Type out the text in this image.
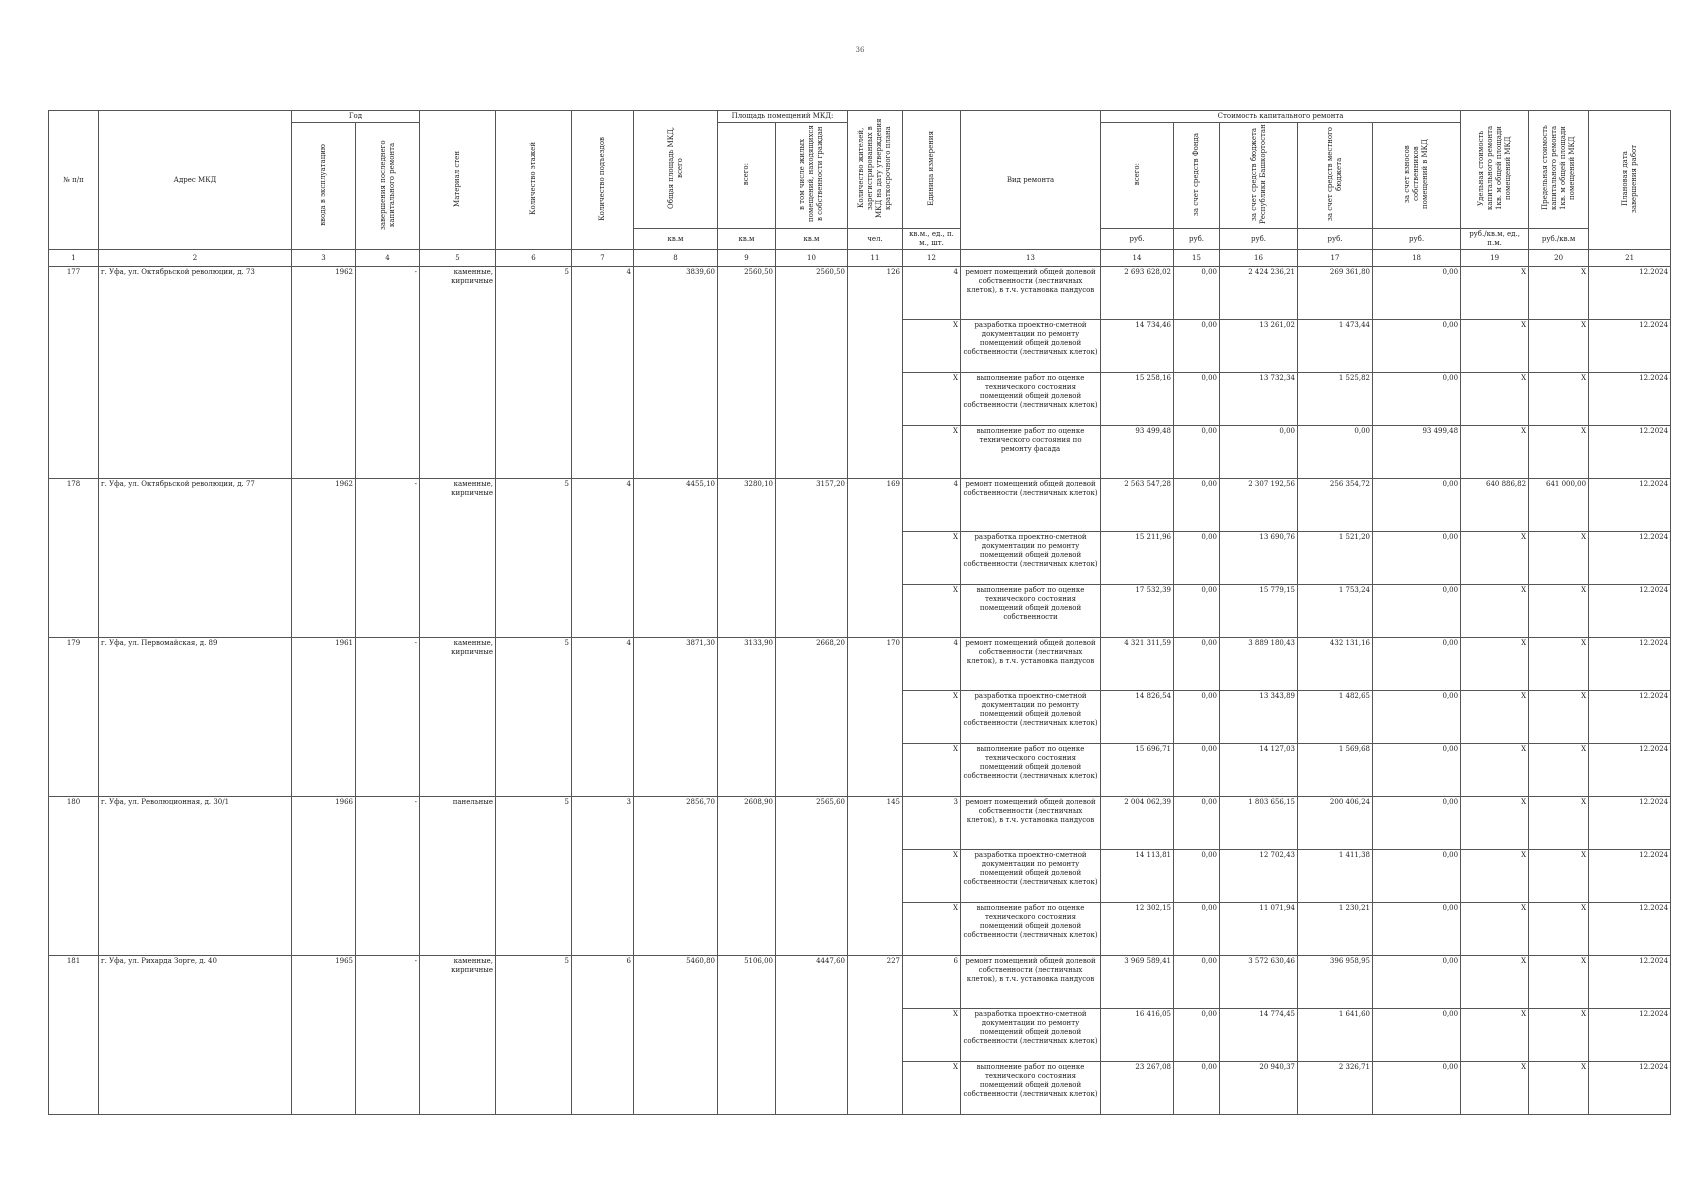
36
№ п/п	Адрес МКД	Год		Материал стен	Количество этажей	Количество подъездов	Общая площадь МКД, всего	Площадь помещений МКД:		Количество жителей, зарегистрированных в МКД на дату утверждения краткосрочного плана	Единица измерения	Вид ремонта	Стоимость капитального ремонта					Удельная стоимость капитального ремонта 1кв. м общей площади помещений МКД	Предельная стоимость капитального ремонта 1кв. м общей площади помещений МКД	Плановая дата завершения работ
		ввода в эксплуатацию	завершения последнего капитального ремонта					всего:	в том числе жилых помещений, находящихся в собственности граждан				всего:	за счет средств Фонда	за счет средств бюджета Республики Башкортостан	за счет средств местного бюджета	за счет взносов собственников помещений в МКД			
							кв.м	кв.м	кв.м	чел.	кв.м., ед., п. м., шт.		руб.	руб.	руб.	руб.	руб.	руб./кв.м, ед., п.м.	руб./кв.м	
1	2	3	4	5	6	7	8	9	10	11	12	13	14	15	16	17	18	19	20	21
177	г. Уфа, ул. Октябрьской революции, д. 73	1962	-	каменные, кирпичные	5	4	3839,60	2560,50	2560,50	126	4	ремонт помещений общей долевой собственности (лестничных клеток), в т.ч. установка пандусов	2 693 628,02	0,00	2 424 236,21	269 361,80	0,00	X	X	12.2024
											X	разработка проектно-сметной документации по ремонту помещений общей долевой собственности (лестничных клеток)	14 734,46	0,00	13 261,02	1 473,44	0,00	X	X	12.2024
											X	выполнение работ по оценке технического состояния помещений общей долевой собственности (лестничных клеток)	15 258,16	0,00	13 732,34	1 525,82	0,00	X	X	12.2024
											X	выполнение работ по оценке технического состояния по ремонту фасада	93 499,48	0,00	0,00	0,00	93 499,48	X	X	12.2024
178	г. Уфа, ул. Октябрьской революции, д. 77	1962	-	каменные, кирпичные	5	4	4455,10	3280,10	3157,20	169	4	ремонт помещений общей долевой собственности (лестничных клеток)	2 563 547,28	0,00	2 307 192,56	256 354,72	0,00	640 886,82	641 000,00	12.2024
											X	разработка проектно-сметной документации по ремонту помещений общей долевой собственности (лестничных клеток)	15 211,96	0,00	13 690,76	1 521,20	0,00	X	X	12.2024
											X	выполнение работ по оценке технического состояния помещений общей долевой собственности	17 532,39	0,00	15 779,15	1 753,24	0,00	X	X	12.2024
179	г. Уфа, ул. Первомайская, д. 89	1961	-	каменные, кирпичные	5	4	3871,30	3133,90	2668,20	170	4	ремонт помещений общей долевой собственности (лестничных клеток), в т.ч. установка пандусов	4 321 311,59	0,00	3 889 180,43	432 131,16	0,00	X	X	12.2024
											X	разработка проектно-сметной документации по ремонту помещений общей долевой собственности (лестничных клеток)	14 826,54	0,00	13 343,89	1 482,65	0,00	X	X	12.2024
											X	выполнение работ по оценке технического состояния помещений общей долевой собственности (лестничных клеток)	15 696,71	0,00	14 127,03	1 569,68	0,00	X	X	12.2024
180	г. Уфа, ул. Революционная, д. 30/1	1966	-	панельные	5	3	2856,70	2608,90	2565,60	145	3	ремонт помещений общей долевой собственности (лестничных клеток), в т.ч. установка пандусов	2 004 062,39	0,00	1 803 656,15	200 406,24	0,00	X	X	12.2024
											X	разработка проектно-сметной документации по ремонту помещений общей долевой собственности (лестничных клеток)	14 113,81	0,00	12 702,43	1 411,38	0,00	X	X	12.2024
											X	выполнение работ по оценке технического состояния помещений общей долевой собственности (лестничных клеток)	12 302,15	0,00	11 071,94	1 230,21	0,00	X	X	12.2024
181	г. Уфа, ул. Рихарда Зорге, д. 40	1965	-	каменные, кирпичные	5	6	5460,80	5106,00	4447,60	227	6	ремонт помещений общей долевой собственности (лестничных клеток), в т.ч. установка пандусов	3 969 589,41	0,00	3 572 630,46	396 958,95	0,00	X	X	12.2024
											X	разработка проектно-сметной документации по ремонту помещений общей долевой собственности (лестничных клеток)	16 416,05	0,00	14 774,45	1 641,60	0,00	X	X	12.2024
											X	выполнение работ по оценке технического состояния помещений общей долевой собственности (лестничных клеток)	23 267,08	0,00	20 940,37	2 326,71	0,00	X	X	12.2024
